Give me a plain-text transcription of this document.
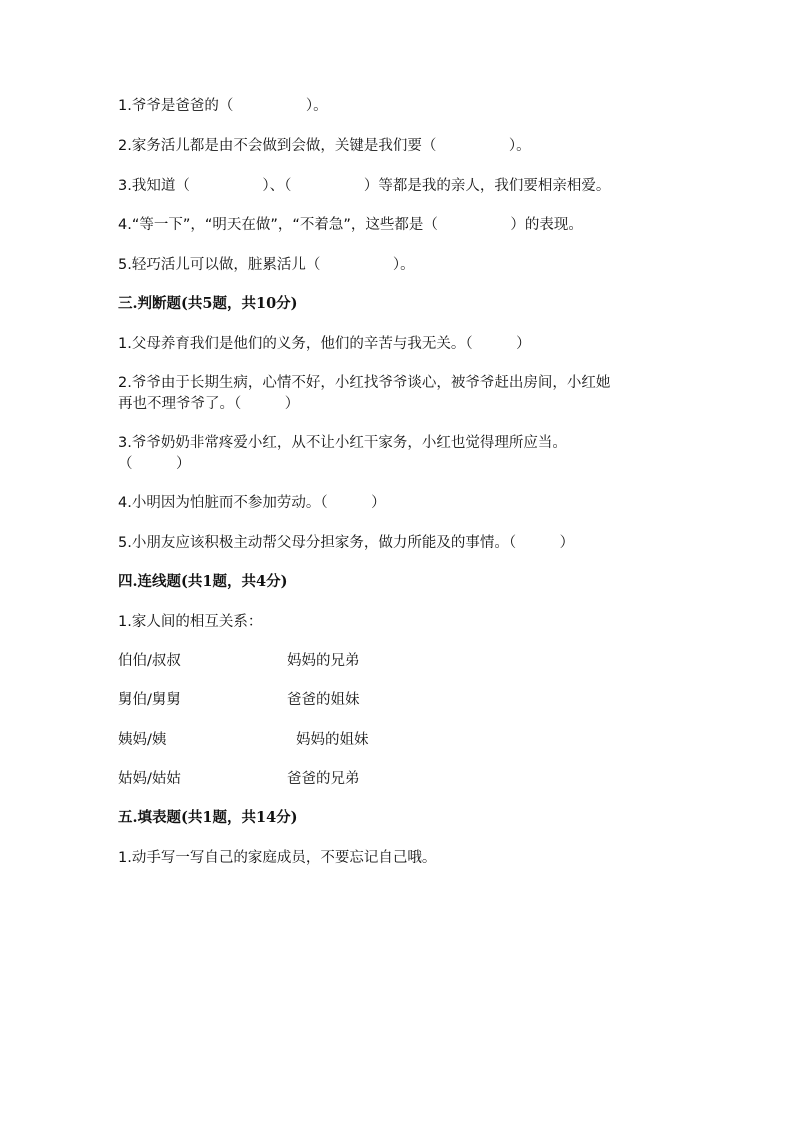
1.爷爷是爸爸的（　　　　　）。
2.家务活儿都是由不会做到会做，关键是我们要（　　　　　）。
3.我知道（　　　　　）、（　　　　　）等都是我的亲人，我们要相亲相爱。
4.“等一下”，“明天在做”，“不着急”，这些都是（　　　　　）的表现。
5.轻巧活儿可以做，脏累活儿（　　　　　）。
三.判断题(共5题，共10分)
1.父母养育我们是他们的义务，他们的辛苦与我无关。（　　　）
2.爷爷由于长期生病，心情不好，小红找爷爷谈心，被爷爷赶出房间，小红她
再也不理爷爷了。（　　　）
3.爷爷奶奶非常疼爱小红，从不让小红干家务，小红也觉得理所应当。
（　　　）
4.小明因为怕脏而不参加劳动。（　　　）
5.小朋友应该积极主动帮父母分担家务，做力所能及的事情。（　　　）
四.连线题(共1题，共4分)
1.家人间的相互关系：
伯伯/叔叔	妈妈的兄弟
舅伯/舅舅	爸爸的姐妹
姨妈/姨	妈妈的姐妹
姑妈/姑姑	爸爸的兄弟
五.填表题(共1题，共14分)
1.动手写一写自己的家庭成员，不要忘记自己哦。
